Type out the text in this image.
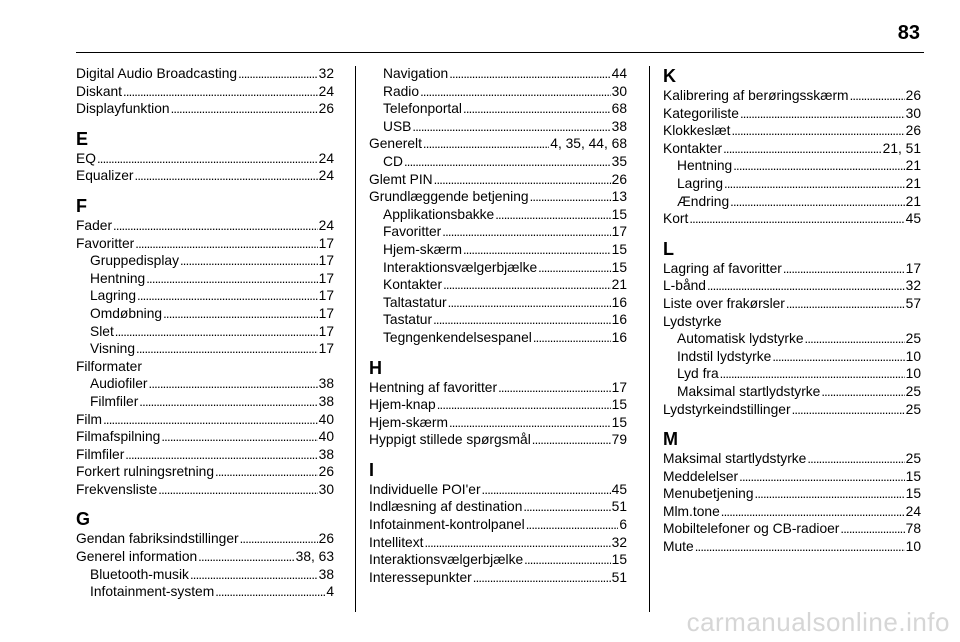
83
Digital Audio Broadcasting . . .	32
Diskant . . .	24
Displayfunktion . . .	26
E
EQ . . .	24
Equalizer . . .	24
F
Fader . . .	24
Favoritter . . .	17
Gruppedisplay . . .	17
Hentning . . .	17
Lagring . . .	17
Omdøbning . . .	17
Slet . . .	17
Visning . . .	17
Filformater
Audiofiler . . .	38
Filmfiler . . .	38
Film . . .	40
Filmafspilning . . .	40
Filmfiler . . .	38
Forkert rulningsretning . . .	26
Frekvensliste . . .	30
G
Gendan fabriksindstillinger . . .	26
Generel information . . .	38, 63
Bluetooth-musik . . .	38
Infotainment-system . . .	4
Navigation . . .	44
Radio . . .	30
Telefonportal . . .	68
USB . . .	38
Generelt . . .	4, 35, 44, 68
CD . . .	35
Glemt PIN . . .	26
Grundlæggende betjening . . .	13
Applikationsbakke . . .	15
Favoritter . . .	17
Hjem-skærm . . .	15
Interaktionsvælgerbjælke . . .	15
Kontakter . . .	21
Taltastatur . . .	16
Tastatur . . .	16
Tegngenkendelsespanel . . .	16
H
Hentning af favoritter . . .	17
Hjem-knap . . .	15
Hjem-skærm . . .	15
Hyppigt stillede spørgsmål . . .	79
I
Individuelle POI'er . . .	45
Indlæsning af destination . . .	51
Infotainment-kontrolpanel . . .	6
Intellitext . . .	32
Interaktionsvælgerbjælke . . .	15
Interessepunkter . . .	51
K
Kalibrering af berøringsskærm . . .	26
Kategoriliste . . .	30
Klokkeslæt . . .	26
Kontakter . . .	21, 51
Hentning . . .	21
Lagring . . .	21
Ændring . . .	21
Kort . . .	45
L
Lagring af favoritter . . .	17
L-bånd . . .	32
Liste over frakørsler . . .	57
Lydstyrke
Automatisk lydstyrke . . .	25
Indstil lydstyrke . . .	10
Lyd fra . . .	10
Maksimal startlydstyrke . . .	25
Lydstyrkeindstillinger . . .	25
M
Maksimal startlydstyrke . . .	25
Meddelelser . . .	15
Menubetjening . . .	15
Mlm.tone . . .	24
Mobiltelefoner og CB-radioer . . .	78
Mute . . .	10
carmanualsonline.info
